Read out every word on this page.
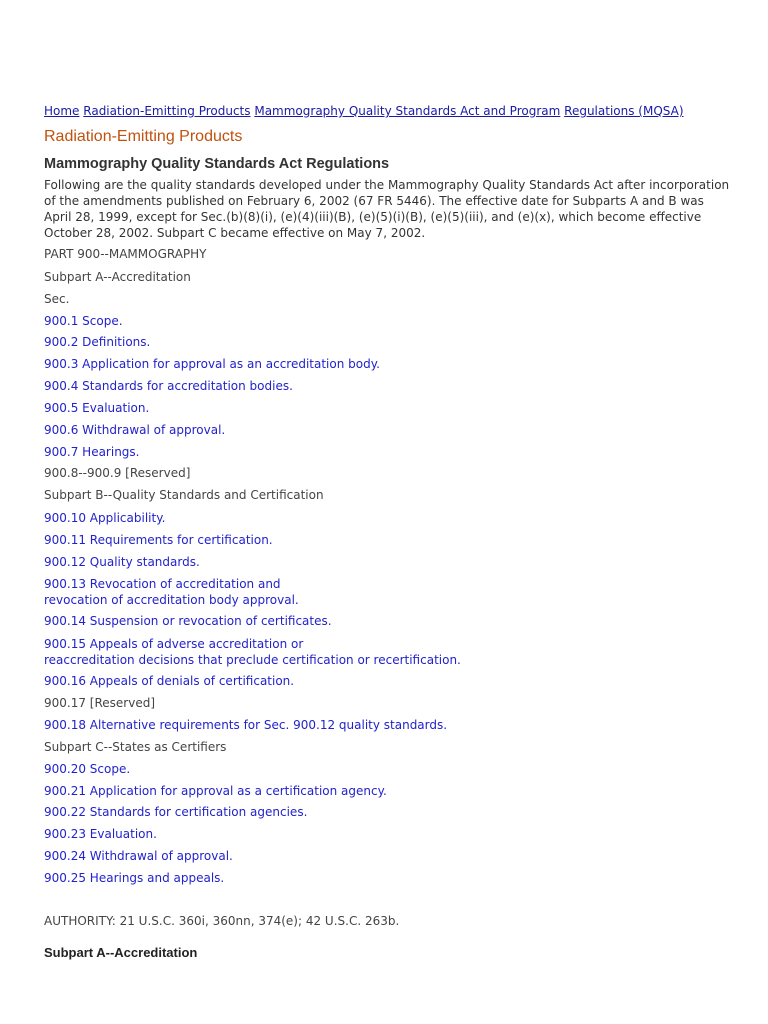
Home Radiation-Emitting Products Mammography Quality Standards Act and Program Regulations (MQSA)
Radiation-Emitting Products
Mammography Quality Standards Act Regulations

Following are the quality standards developed under the Mammography Quality Standards Act after incorporation of the amendments published on February 6, 2002 (67 FR 5446). The effective date for Subparts A and B was April 28, 1999, except for Sec.(b)(8)(i), (e)(4)(iii)(B), (e)(5)(i)(B), (e)(5)(iii), and (e)(x), which become effective October 28, 2002. Subpart C became effective on May 7, 2002.

PART 900--MAMMOGRAPHY
Subpart A--Accreditation
Sec.
900.1 Scope.
900.2 Definitions.
900.3 Application for approval as an accreditation body.
900.4 Standards for accreditation bodies.
900.5 Evaluation.
900.6 Withdrawal of approval.
900.7 Hearings.
900.8--900.9 [Reserved]
Subpart B--Quality Standards and Certification
900.10 Applicability.
900.11 Requirements for certification.
900.12 Quality standards.
900.13 Revocation of accreditation and
revocation of accreditation body approval.
900.14 Suspension or revocation of certificates.
900.15 Appeals of adverse accreditation or
reaccreditation decisions that preclude certification or recertification.
900.16 Appeals of denials of certification.
900.17 [Reserved]
900.18 Alternative requirements for Sec. 900.12 quality standards.
Subpart C--States as Certifiers
900.20 Scope.
900.21 Application for approval as a certification agency.
900.22 Standards for certification agencies.
900.23 Evaluation.
900.24 Withdrawal of approval.
900.25 Hearings and appeals.
AUTHORITY: 21 U.S.C. 360i, 360nn, 374(e); 42 U.S.C. 263b.
Subpart A--Accreditation
